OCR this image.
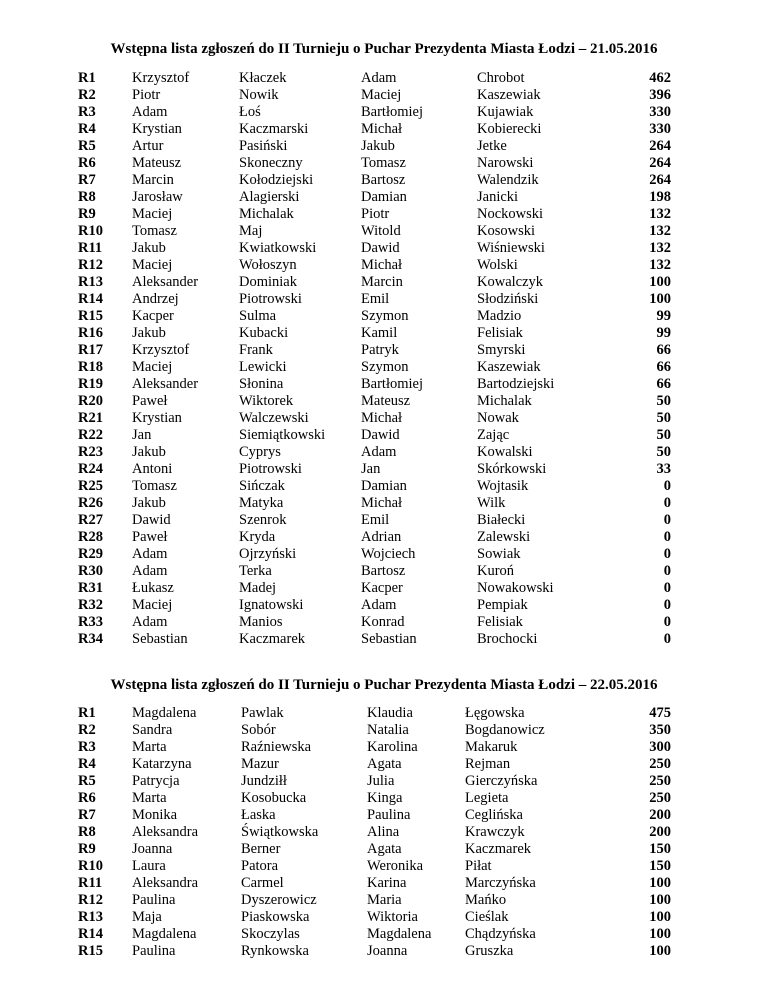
Wstępna lista zgłoszeń do II Turnieju o Puchar Prezydenta Miasta Łodzi – 21.05.2016
R1	Krzysztof	Kłaczek	Adam	Chrobot	462
R2	Piotr	Nowik	Maciej	Kaszewiak	396
R3	Adam	Łoś	Bartłomiej	Kujawiak	330
R4	Krystian	Kaczmarski	Michał	Kobierecki	330
R5	Artur	Pasiński	Jakub	Jetke	264
R6	Mateusz	Skoneczny	Tomasz	Narowski	264
R7	Marcin	Kołodziejski	Bartosz	Walendzik	264
R8	Jarosław	Alagierski	Damian	Janicki	198
R9	Maciej	Michalak	Piotr	Nockowski	132
R10	Tomasz	Maj	Witold	Kosowski	132
R11	Jakub	Kwiatkowski	Dawid	Wiśniewski	132
R12	Maciej	Wołoszyn	Michał	Wolski	132
R13	Aleksander	Dominiak	Marcin	Kowalczyk	100
R14	Andrzej	Piotrowski	Emil	Słodziński	100
R15	Kacper	Sulma	Szymon	Madzio	99
R16	Jakub	Kubacki	Kamil	Felisiak	99
R17	Krzysztof	Frank	Patryk	Smyrski	66
R18	Maciej	Lewicki	Szymon	Kaszewiak	66
R19	Aleksander	Słonina	Bartłomiej	Bartodziejski	66
R20	Paweł	Wiktorek	Mateusz	Michalak	50
R21	Krystian	Walczewski	Michał	Nowak	50
R22	Jan	Siemiątkowski	Dawid	Zając	50
R23	Jakub	Cyprys	Adam	Kowalski	50
R24	Antoni	Piotrowski	Jan	Skórkowski	33
R25	Tomasz	Sińczak	Damian	Wojtasik	0
R26	Jakub	Matyka	Michał	Wilk	0
R27	Dawid	Szenrok	Emil	Białecki	0
R28	Paweł	Kryda	Adrian	Zalewski	0
R29	Adam	Ojrzyński	Wojciech	Sowiak	0
R30	Adam	Terka	Bartosz	Kuroń	0
R31	Łukasz	Madej	Kacper	Nowakowski	0
R32	Maciej	Ignatowski	Adam	Pempiak	0
R33	Adam	Manios	Konrad	Felisiak	0
R34	Sebastian	Kaczmarek	Sebastian	Brochocki	0
Wstępna lista zgłoszeń do II Turnieju o Puchar Prezydenta Miasta Łodzi – 22.05.2016
R1	Magdalena	Pawlak	Klaudia	Łęgowska	475
R2	Sandra	Sobór	Natalia	Bogdanowicz	350
R3	Marta	Raźniewska	Karolina	Makaruk	300
R4	Katarzyna	Mazur	Agata	Rejman	250
R5	Patrycja	Jundziłł	Julia	Gierczyńska	250
R6	Marta	Kosobucka	Kinga	Legieta	250
R7	Monika	Łaska	Paulina	Ceglińska	200
R8	Aleksandra	Świątkowska	Alina	Krawczyk	200
R9	Joanna	Berner	Agata	Kaczmarek	150
R10	Laura	Patora	Weronika	Piłat	150
R11	Aleksandra	Carmel	Karina	Marczyńska	100
R12	Paulina	Dyszerowicz	Maria	Mańko	100
R13	Maja	Piaskowska	Wiktoria	Cieślak	100
R14	Magdalena	Skoczylas	Magdalena	Chądzyńska	100
R15	Paulina	Rynkowska	Joanna	Gruszka	100
